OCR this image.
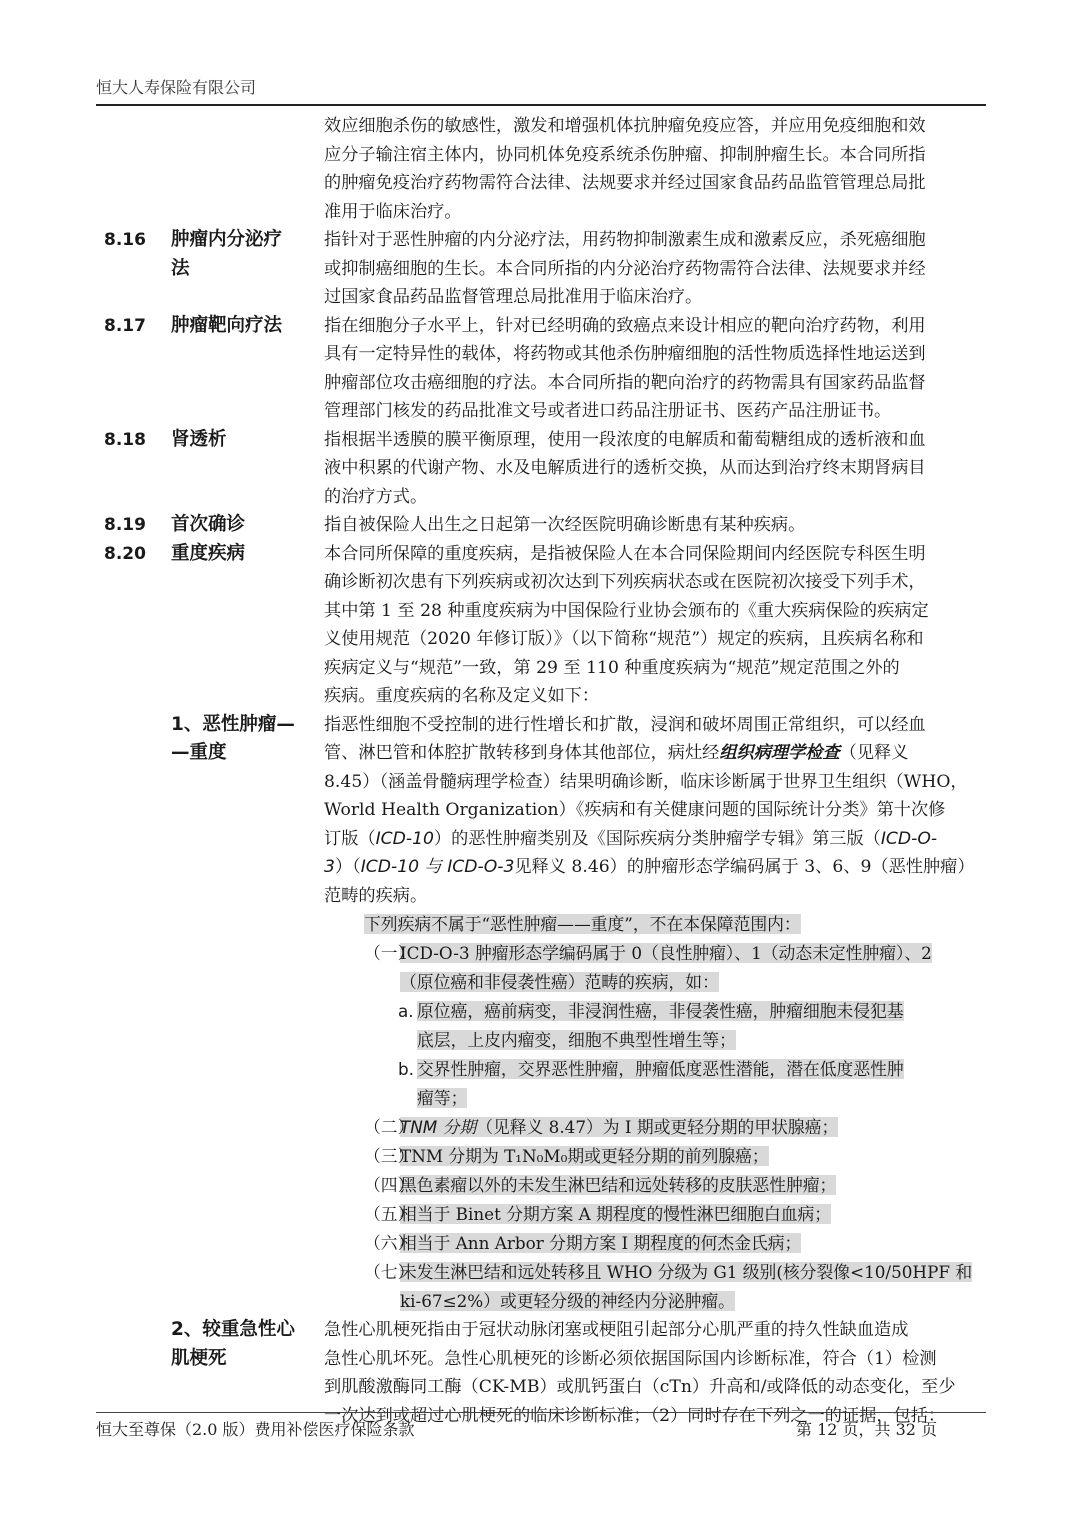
恒大人寿保险有限公司
效应细胞杀伤的敏感性，激发和增强机体抗肿瘤免疫应答，并应用免疫细胞和效
应分子输注宿主体内，协同机体免疫系统杀伤肿瘤、抑制肿瘤生长。本合同所指
的肿瘤免疫治疗药物需符合法律、法规要求并经过国家食品药品监管管理总局批
准用于临床治疗。
8.16	肿瘤内分泌疗
法
指针对于恶性肿瘤的内分泌疗法，用药物抑制激素生成和激素反应，杀死癌细胞
或抑制癌细胞的生长。本合同所指的内分泌治疗药物需符合法律、法规要求并经
过国家食品药品监督管理总局批准用于临床治疗。
8.17	肿瘤靶向疗法	指在细胞分子水平上，针对已经明确的致癌点来设计相应的靶向治疗药物，利用
具有一定特异性的载体，将药物或其他杀伤肿瘤细胞的活性物质选择性地运送到
肿瘤部位攻击癌细胞的疗法。本合同所指的靶向治疗的药物需具有国家药品监督
管理部门核发的药品批准文号或者进口药品注册证书、医药产品注册证书。
8.18	肾透析	指根据半透膜的膜平衡原理，使用一段浓度的电解质和葡萄糖组成的透析液和血
液中积累的代谢产物、水及电解质进行的透析交换，从而达到治疗终末期肾病目
的治疗方式。
8.19	首次确诊	指自被保险人出生之日起第一次经医院明确诊断患有某种疾病。
8.20	重度疾病	本合同所保障的重度疾病，是指被保险人在本合同保险期间内经医院专科医生明
确诊断初次患有下列疾病或初次达到下列疾病状态或在医院初次接受下列手术，
其中第 1 至 28 种重度疾病为中国保险行业协会颁布的《重大疾病保险的疾病定
义使用规范（2020 年修订版）》（以下简称“规范”）规定的疾病，且疾病名称和
疾病定义与“规范”一致，第 29 至 110 种重度疾病为“规范”规定范围之外的
疾病。重度疾病的名称及定义如下：
1、恶性肿瘤—
—重度
指恶性细胞不受控制的进行性增长和扩散，浸润和破坏周围正常组织，可以经血
管、淋巴管和体腔扩散转移到身体其他部位，病灶经组织病理学检查（见释义
8.45）（涵盖骨髓病理学检查）结果明确诊断，临床诊断属于世界卫生组织（WHO，
World Health Organization）《疾病和有关健康问题的国际统计分类》第十次修
订版（ICD-10）的恶性肿瘤类别及《国际疾病分类肿瘤学专辑》第三版（ICD-O-
3）（ICD-10 与 ICD-O-3见释义 8.46）的肿瘤形态学编码属于 3、6、9（恶性肿瘤）
范畴的疾病。
下列疾病不属于“恶性肿瘤——重度”，不在本保障范围内：
（一）
ICD-O-3 肿瘤形态学编码属于 0（良性肿瘤）、1（动态未定性肿瘤）、2
（原位癌和非侵袭性癌）范畴的疾病，如：
a. 原位癌，癌前病变，非浸润性癌，非侵袭性癌，肿瘤细胞未侵犯基
底层，上皮内瘤变，细胞不典型性增生等；
b. 交界性肿瘤，交界恶性肿瘤，肿瘤低度恶性潜能，潜在低度恶性肿
瘤等；
（二）
TNM 分期（见释义 8.47）为 I 期或更轻分期的甲状腺癌；
（三）
TNM 分期为 T₁N₀M₀期或更轻分期的前列腺癌；
（四）
黑色素瘤以外的未发生淋巴结和远处转移的皮肤恶性肿瘤；
（五）
相当于 Binet 分期方案 A 期程度的慢性淋巴细胞白血病；
（六）
相当于 Ann Arbor 分期方案 I 期程度的何杰金氏病；
（七）
未发生淋巴结和远处转移且 WHO 分级为 G1 级别(核分裂像<10/50HPF 和
ki-67≤2%）或更轻分级的神经内分泌肿瘤。
2、较重急性心
肌梗死
急性心肌梗死指由于冠状动脉闭塞或梗阻引起部分心肌严重的持久性缺血造成
急性心肌坏死。急性心肌梗死的诊断必须依据国际国内诊断标准，符合（1）检测
到肌酸激酶同工酶（CK-MB）或肌钙蛋白（cTn）升高和/或降低的动态变化，至少
一次达到或超过心肌梗死的临床诊断标准；（2）同时存在下列之一的证据，包括：
恒大至尊保（2.0 版）费用补偿医疗保险条款	第 12 页，共 32 页
